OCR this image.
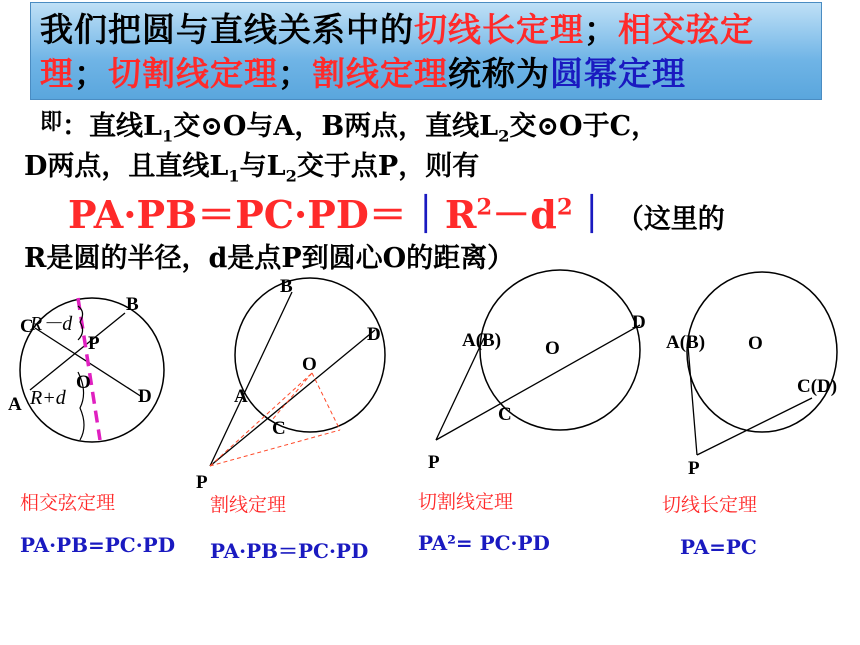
我们把圆与直线关系中的切线长定理；相交弦定理；切割线定理；割线定理统称为圆幂定理
$^即$：直线$L_1$交⊙O与A，B两点，直线$L_2$交⊙O于C，
D两点，且直线$L_1$与$L_2$交于点P，则有
$PA\cdot PB=PC\cdot PD=|R^2-d^2|$ （这里的
R是圆的半径，d是点P到圆心O的距离）
B
C
P
O
A	D
R－d
R+d
B
D
O
A
C
P
A(B) O
D
C
P
A(B) O
C(D)
P
相交弦定理
PA·PB=PC·PD
割线定理
PA·PB＝PC·PD
切割线定理
PA²= PC·PD
切线长定理
PA=PC
